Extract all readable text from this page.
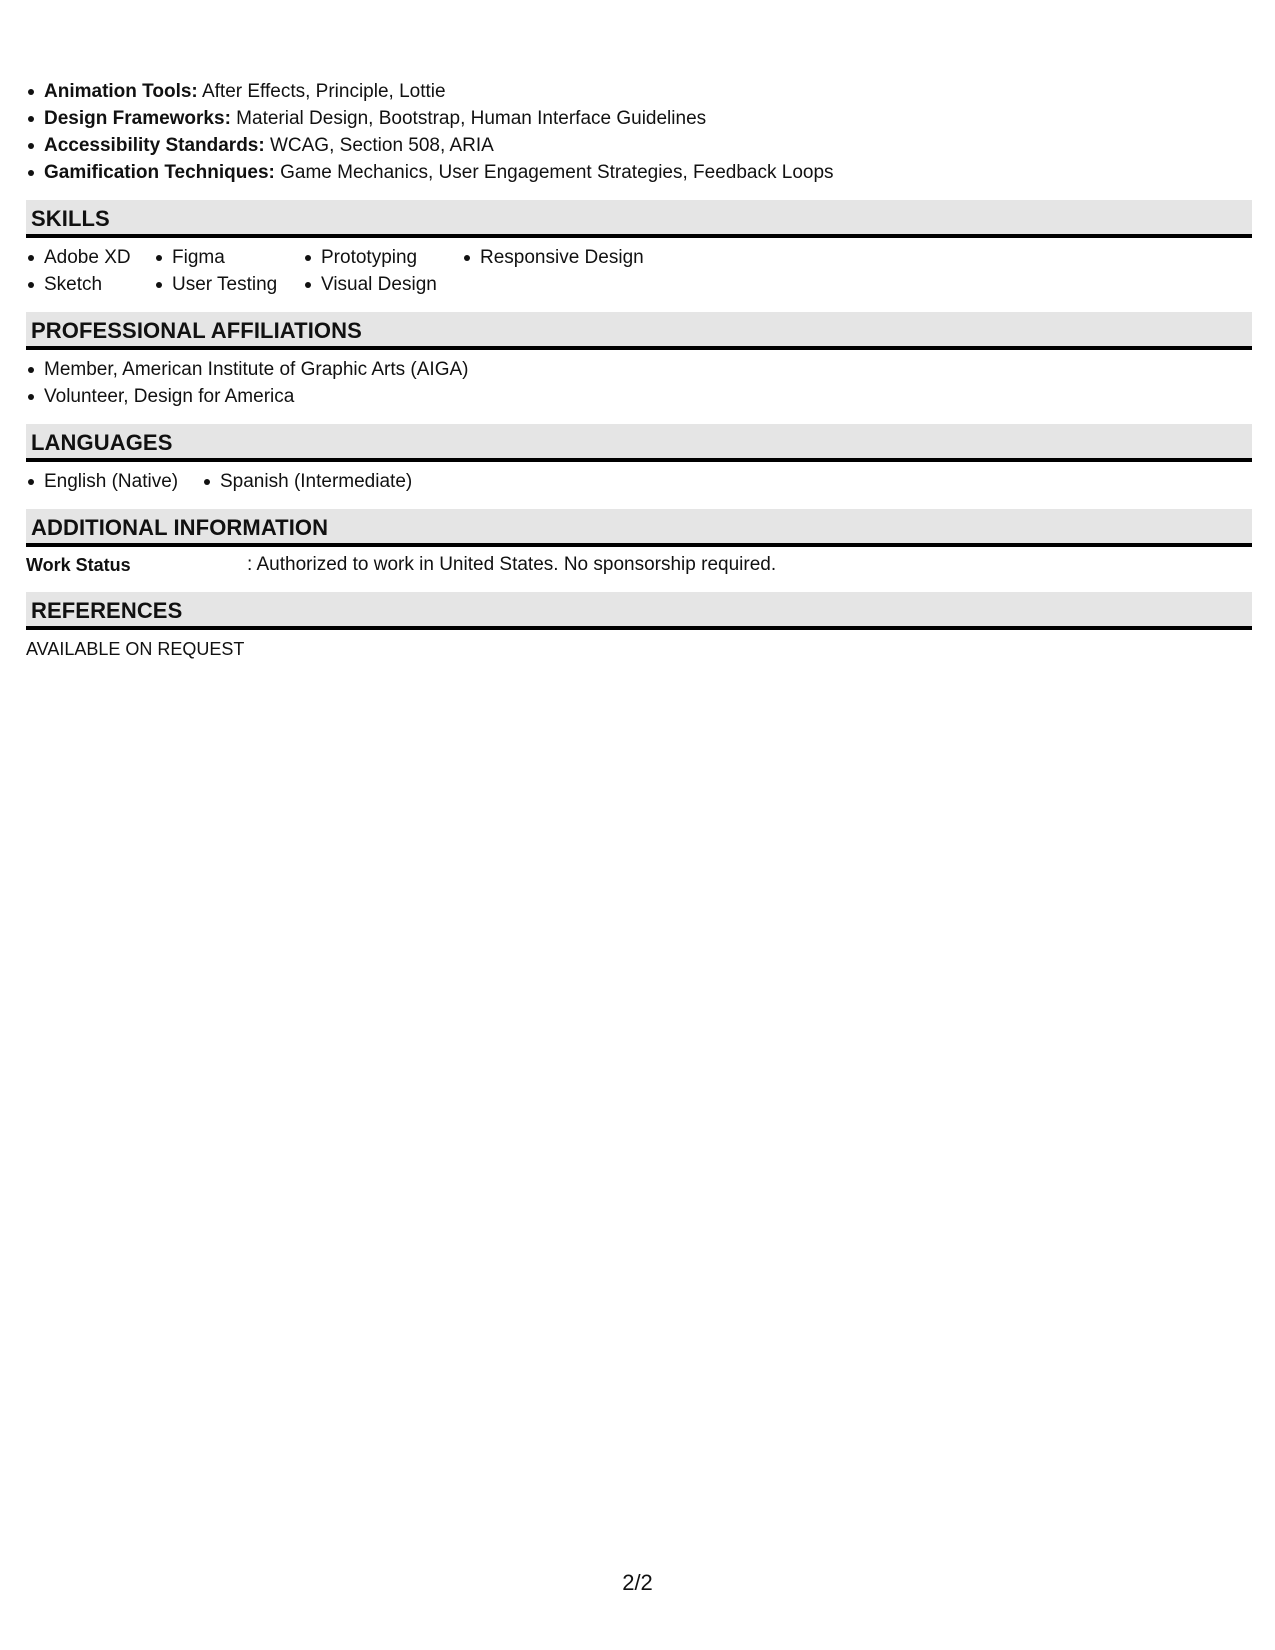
Animation Tools: After Effects, Principle, Lottie
Design Frameworks: Material Design, Bootstrap, Human Interface Guidelines
Accessibility Standards: WCAG, Section 508, ARIA
Gamification Techniques: Game Mechanics, User Engagement Strategies, Feedback Loops
SKILLS
Adobe XD
Sketch
Figma
User Testing
Prototyping
Visual Design
Responsive Design
PROFESSIONAL AFFILIATIONS
Member, American Institute of Graphic Arts (AIGA)
Volunteer, Design for America
LANGUAGES
English (Native)	Spanish (Intermediate)
ADDITIONAL INFORMATION
Work Status	: Authorized to work in United States. No sponsorship required.
REFERENCES
AVAILABLE ON REQUEST
2/2
